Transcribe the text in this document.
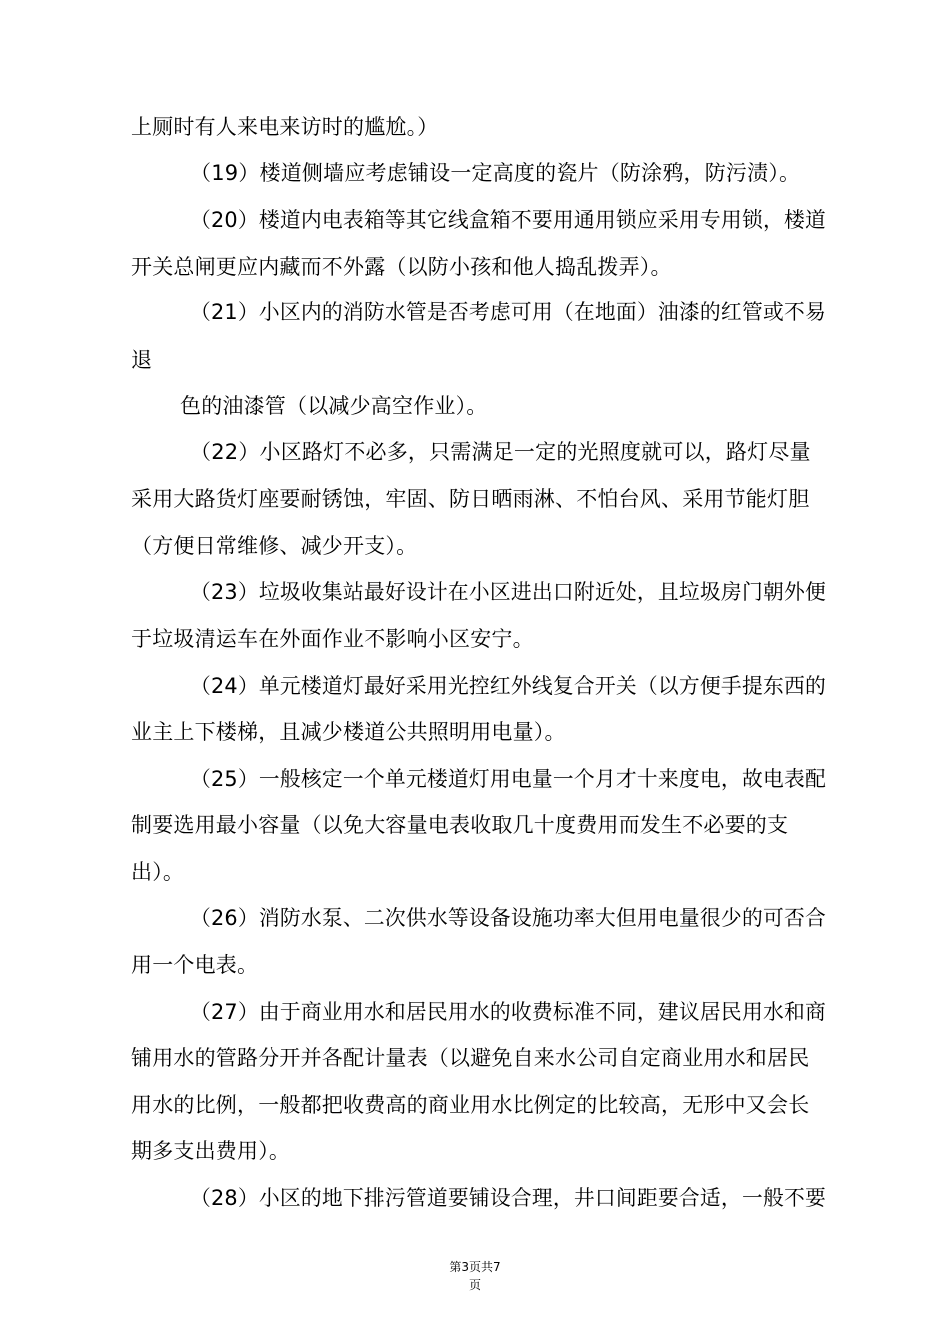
上厕时有人来电来访时的尴尬。）
（19）楼道侧墙应考虑铺设一定高度的瓷片（防涂鸦，防污渍）。
（20）楼道内电表箱等其它线盒箱不要用通用锁应采用专用锁，楼道
开关总闸更应内藏而不外露（以防小孩和他人捣乱拨弄）。
（21）小区内的消防水管是否考虑可用（在地面）油漆的红管或不易
退
色的油漆管（以减少高空作业）。
（22）小区路灯不必多，只需满足一定的光照度就可以，路灯尽量
采用大路货灯座要耐锈蚀，牢固、防日晒雨淋、不怕台风、采用节能灯胆
（方便日常维修、减少开支）。
（23）垃圾收集站最好设计在小区进出口附近处，且垃圾房门朝外便
于垃圾清运车在外面作业不影响小区安宁。
（24）单元楼道灯最好采用光控红外线复合开关（以方便手提东西的
业主上下楼梯，且减少楼道公共照明用电量）。
（25）一般核定一个单元楼道灯用电量一个月才十来度电，故电表配
制要选用最小容量（以免大容量电表收取几十度费用而发生不必要的支
出）。
（26）消防水泵、二次供水等设备设施功率大但用电量很少的可否合
用一个电表。
（27）由于商业用水和居民用水的收费标准不同，建议居民用水和商
铺用水的管路分开并各配计量表（以避免自来水公司自定商业用水和居民
用水的比例，一般都把收费高的商业用水比例定的比较高，无形中又会长
期多支出费用）。
（28）小区的地下排污管道要铺设合理，井口间距要合适，一般不要
第3页共7
页
